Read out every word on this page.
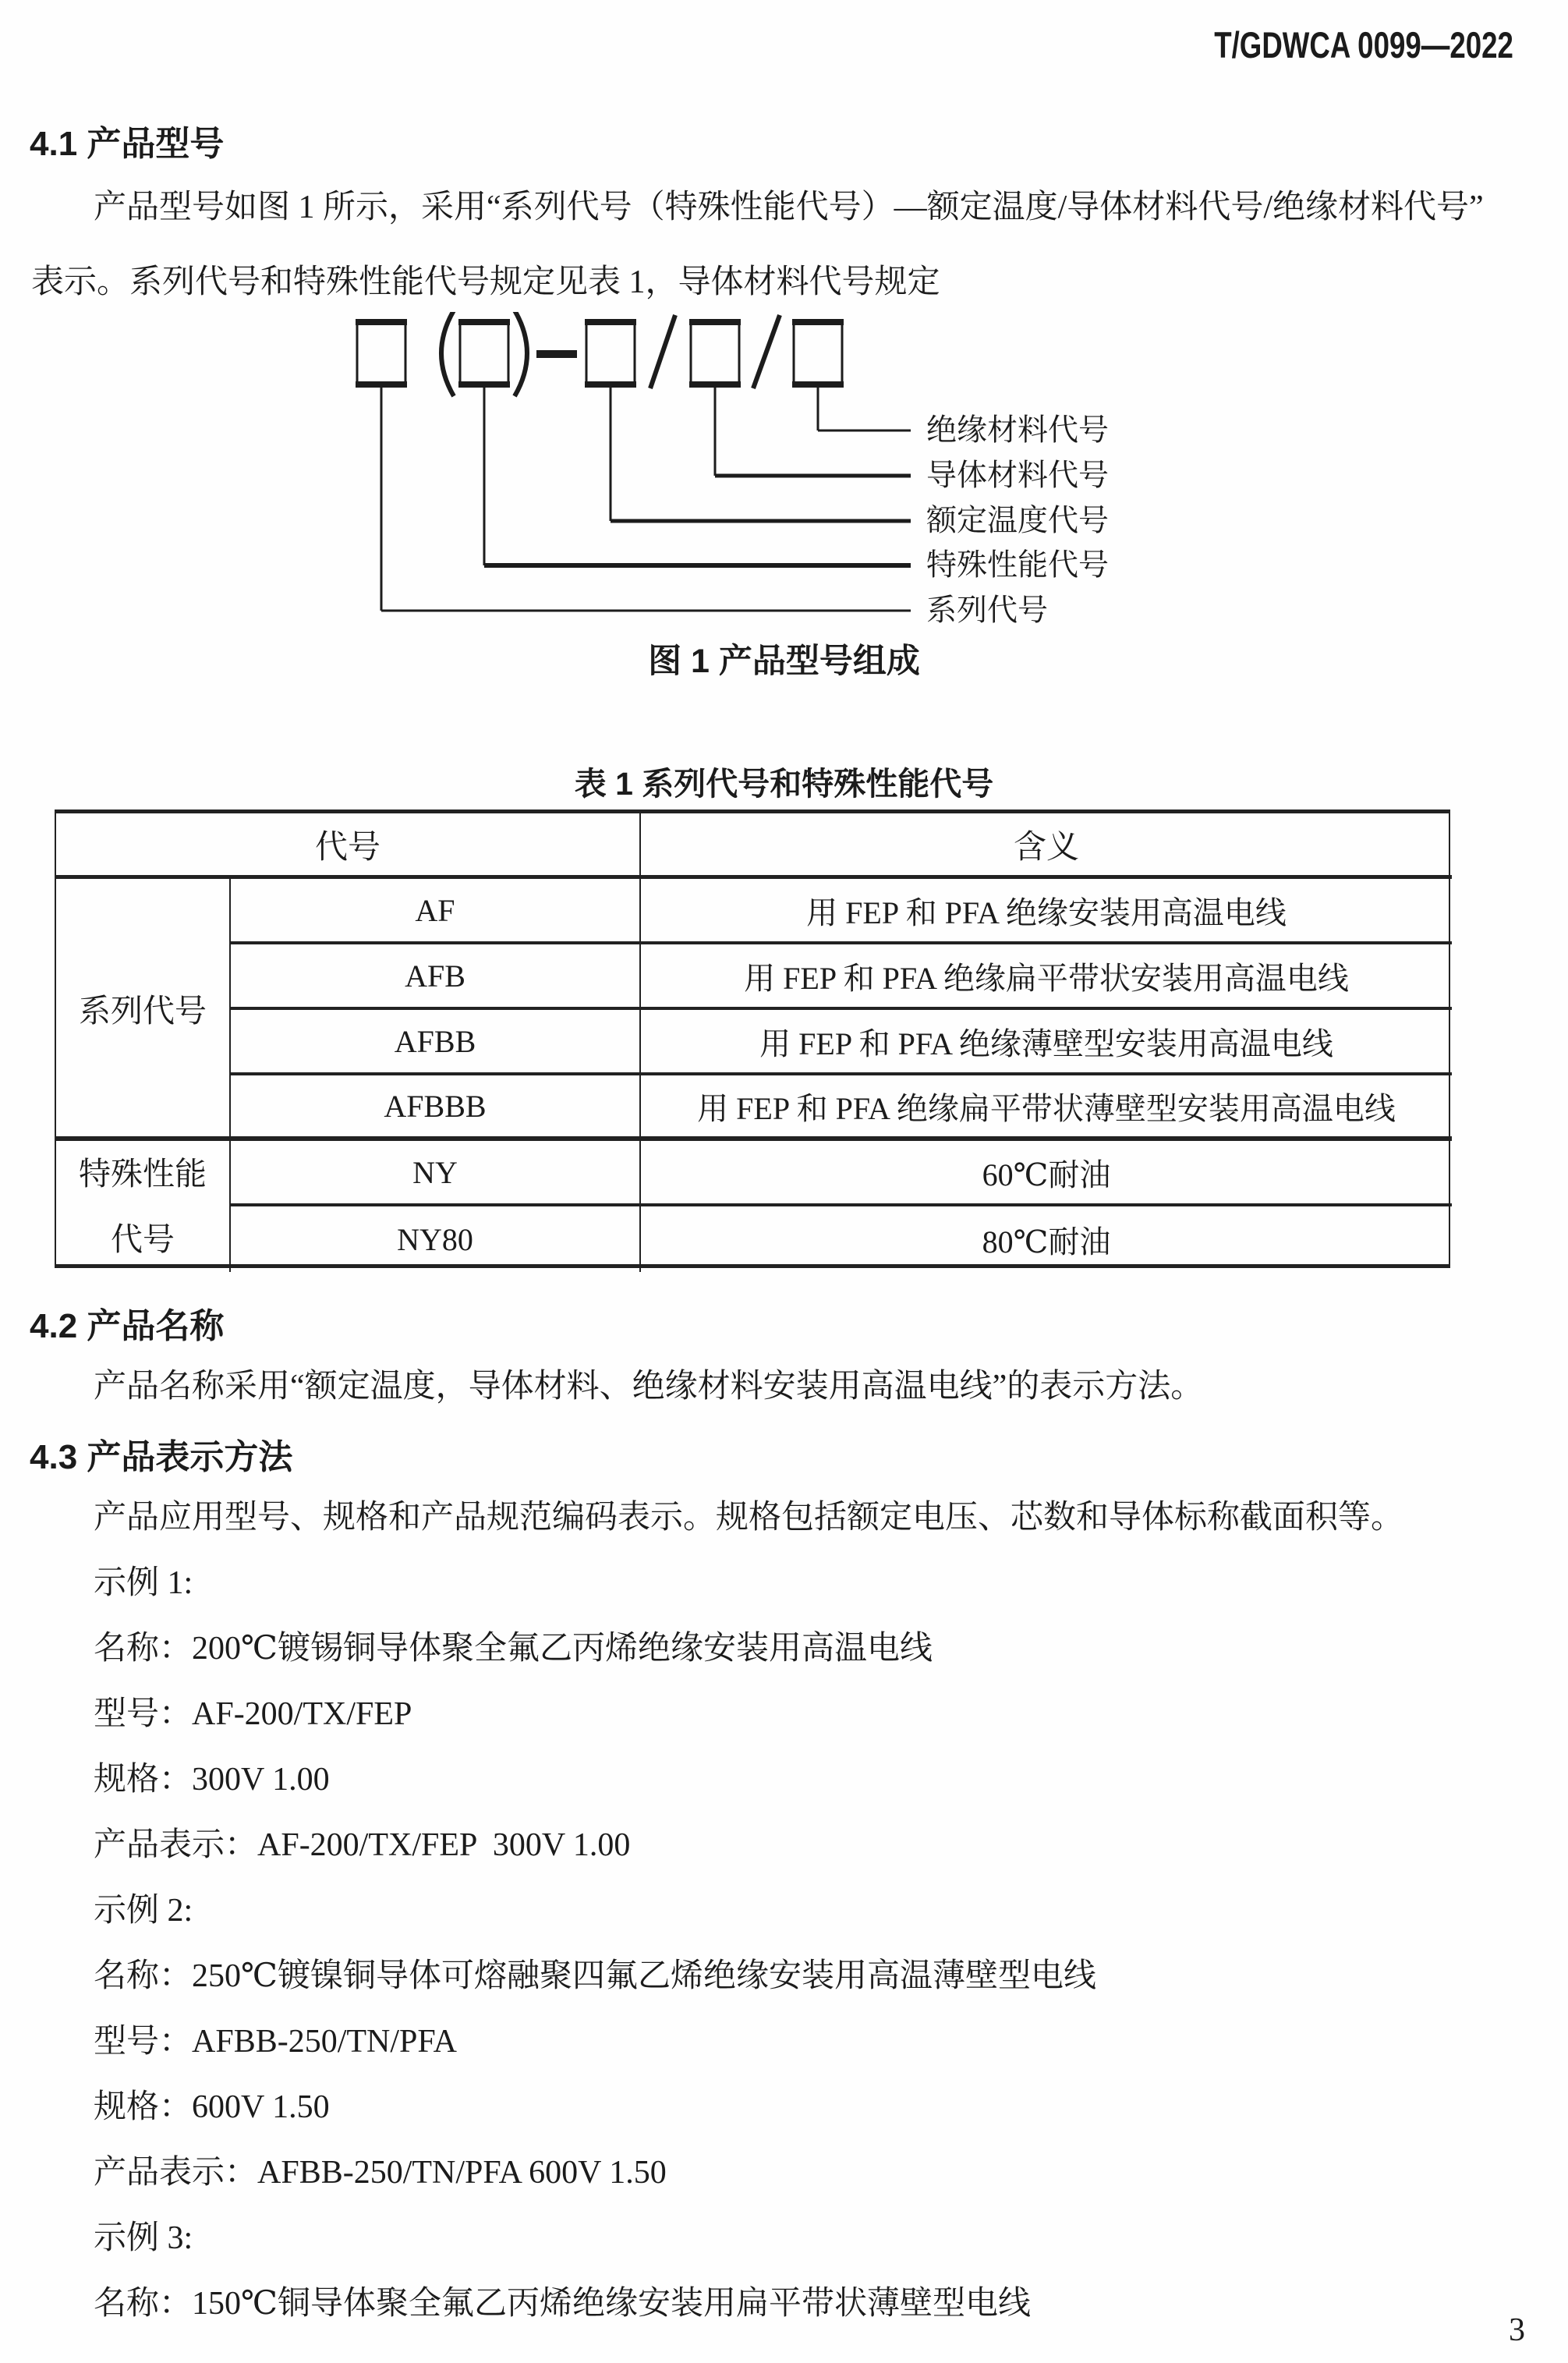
T/GDWCA 0099—2022
4.1 产品型号
产品型号如图 1 所示，采用“系列代号（特殊性能代号）—额定温度/导体材料代号/绝缘材料代号”
表示。系列代号和特殊性能代号规定见表 1，导体材料代号规定
绝缘材料代号
导体材料代号
额定温度代号
特殊性能代号
系列代号
图 1 产品型号组成
表 1 系列代号和特殊性能代号
代号	含义
系列代号
AF	用 FEP 和 PFA 绝缘安装用高温电线
AFB	用 FEP 和 PFA 绝缘扁平带状安装用高温电线
AFBB	用 FEP 和 PFA 绝缘薄壁型安装用高温电线
AFBBB	用 FEP 和 PFA 绝缘扁平带状薄壁型安装用高温电线
特殊性能
代号
NY	60℃耐油
NY80	80℃耐油
4.2 产品名称
产品名称采用“额定温度，导体材料、绝缘材料安装用高温电线”的表示方法。
4.3 产品表示方法
产品应用型号、规格和产品规范编码表示。规格包括额定电压、芯数和导体标称截面积等。
示例 1:
名称：200℃镀锡铜导体聚全氟乙丙烯绝缘安装用高温电线
型号：AF-200/TX/FEP
规格：300V 1.00
产品表示：AF-200/TX/FEP  300V 1.00
示例 2:
名称：250℃镀镍铜导体可熔融聚四氟乙烯绝缘安装用高温薄壁型电线
型号：AFBB-250/TN/PFA
规格：600V 1.50
产品表示：AFBB-250/TN/PFA 600V 1.50
示例 3:
名称：150℃铜导体聚全氟乙丙烯绝缘安装用扁平带状薄壁型电线
3
